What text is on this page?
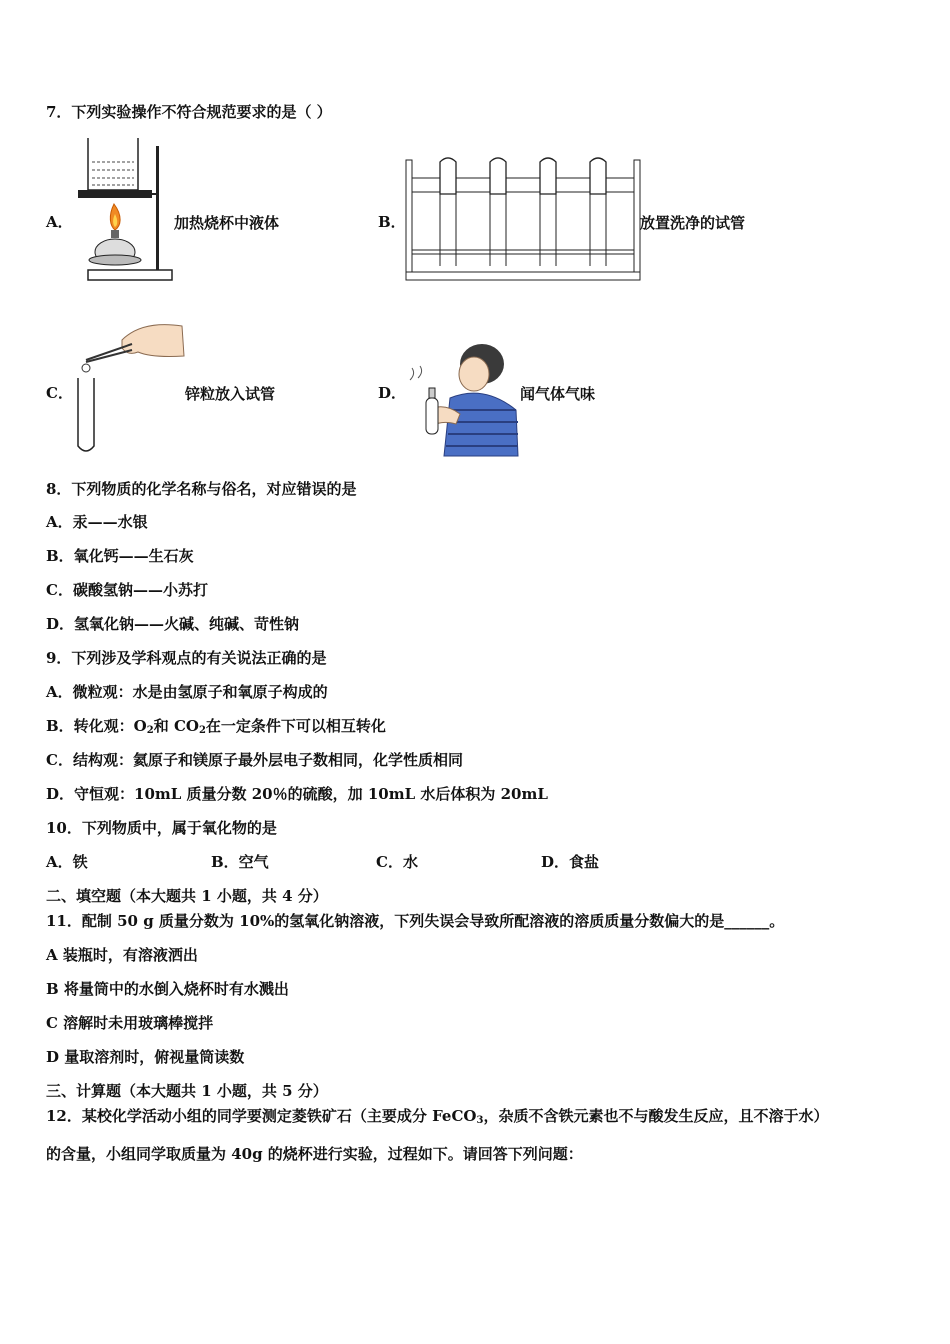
7．下列实验操作不符合规范要求的是（ ）
A．	加热烧杯中液体	B．	放置洗净的试管
C．	锌粒放入试管	D．	闻气体气味
8．下列物质的化学名称与俗名，对应错误的是
A．汞——水银
B．氧化钙——生石灰
C．碳酸氢钠——小苏打
D．氢氧化钠——火碱、纯碱、苛性钠
9．下列涉及学科观点的有关说法正确的是
A．微粒观：水是由氢原子和氧原子构成的
B．转化观：$O_2$和 $CO_2$在一定条件下可以相互转化
C．结构观：氦原子和镁原子最外层电子数相同，化学性质相同
D．守恒观：10mL 质量分数 20％的硫酸，加 10mL 水后体积为 20mL
10．下列物质中，属于氧化物的是
A．铁	B．空气	C．水	D．食盐
二、填空题（本大题共 1 小题，共 4 分）
11．配制 50 g 质量分数为 10%的氢氧化钠溶液，下列失误会导致所配溶液的溶质质量分数偏大的是______。
A 装瓶时，有溶液洒出
B 将量筒中的水倒入烧杯时有水溅出
C 溶解时未用玻璃棒搅拌
D 量取溶剂时，俯视量筒读数
三、计算题（本大题共 1 小题，共 5 分）
12．某校化学活动小组的同学要测定菱铁矿石（主要成分 FeCO$_3$，杂质不含铁元素也不与酸发生反应，且不溶于水）
的含量，小组同学取质量为 40g 的烧杯进行实验，过程如下。请回答下列问题：
